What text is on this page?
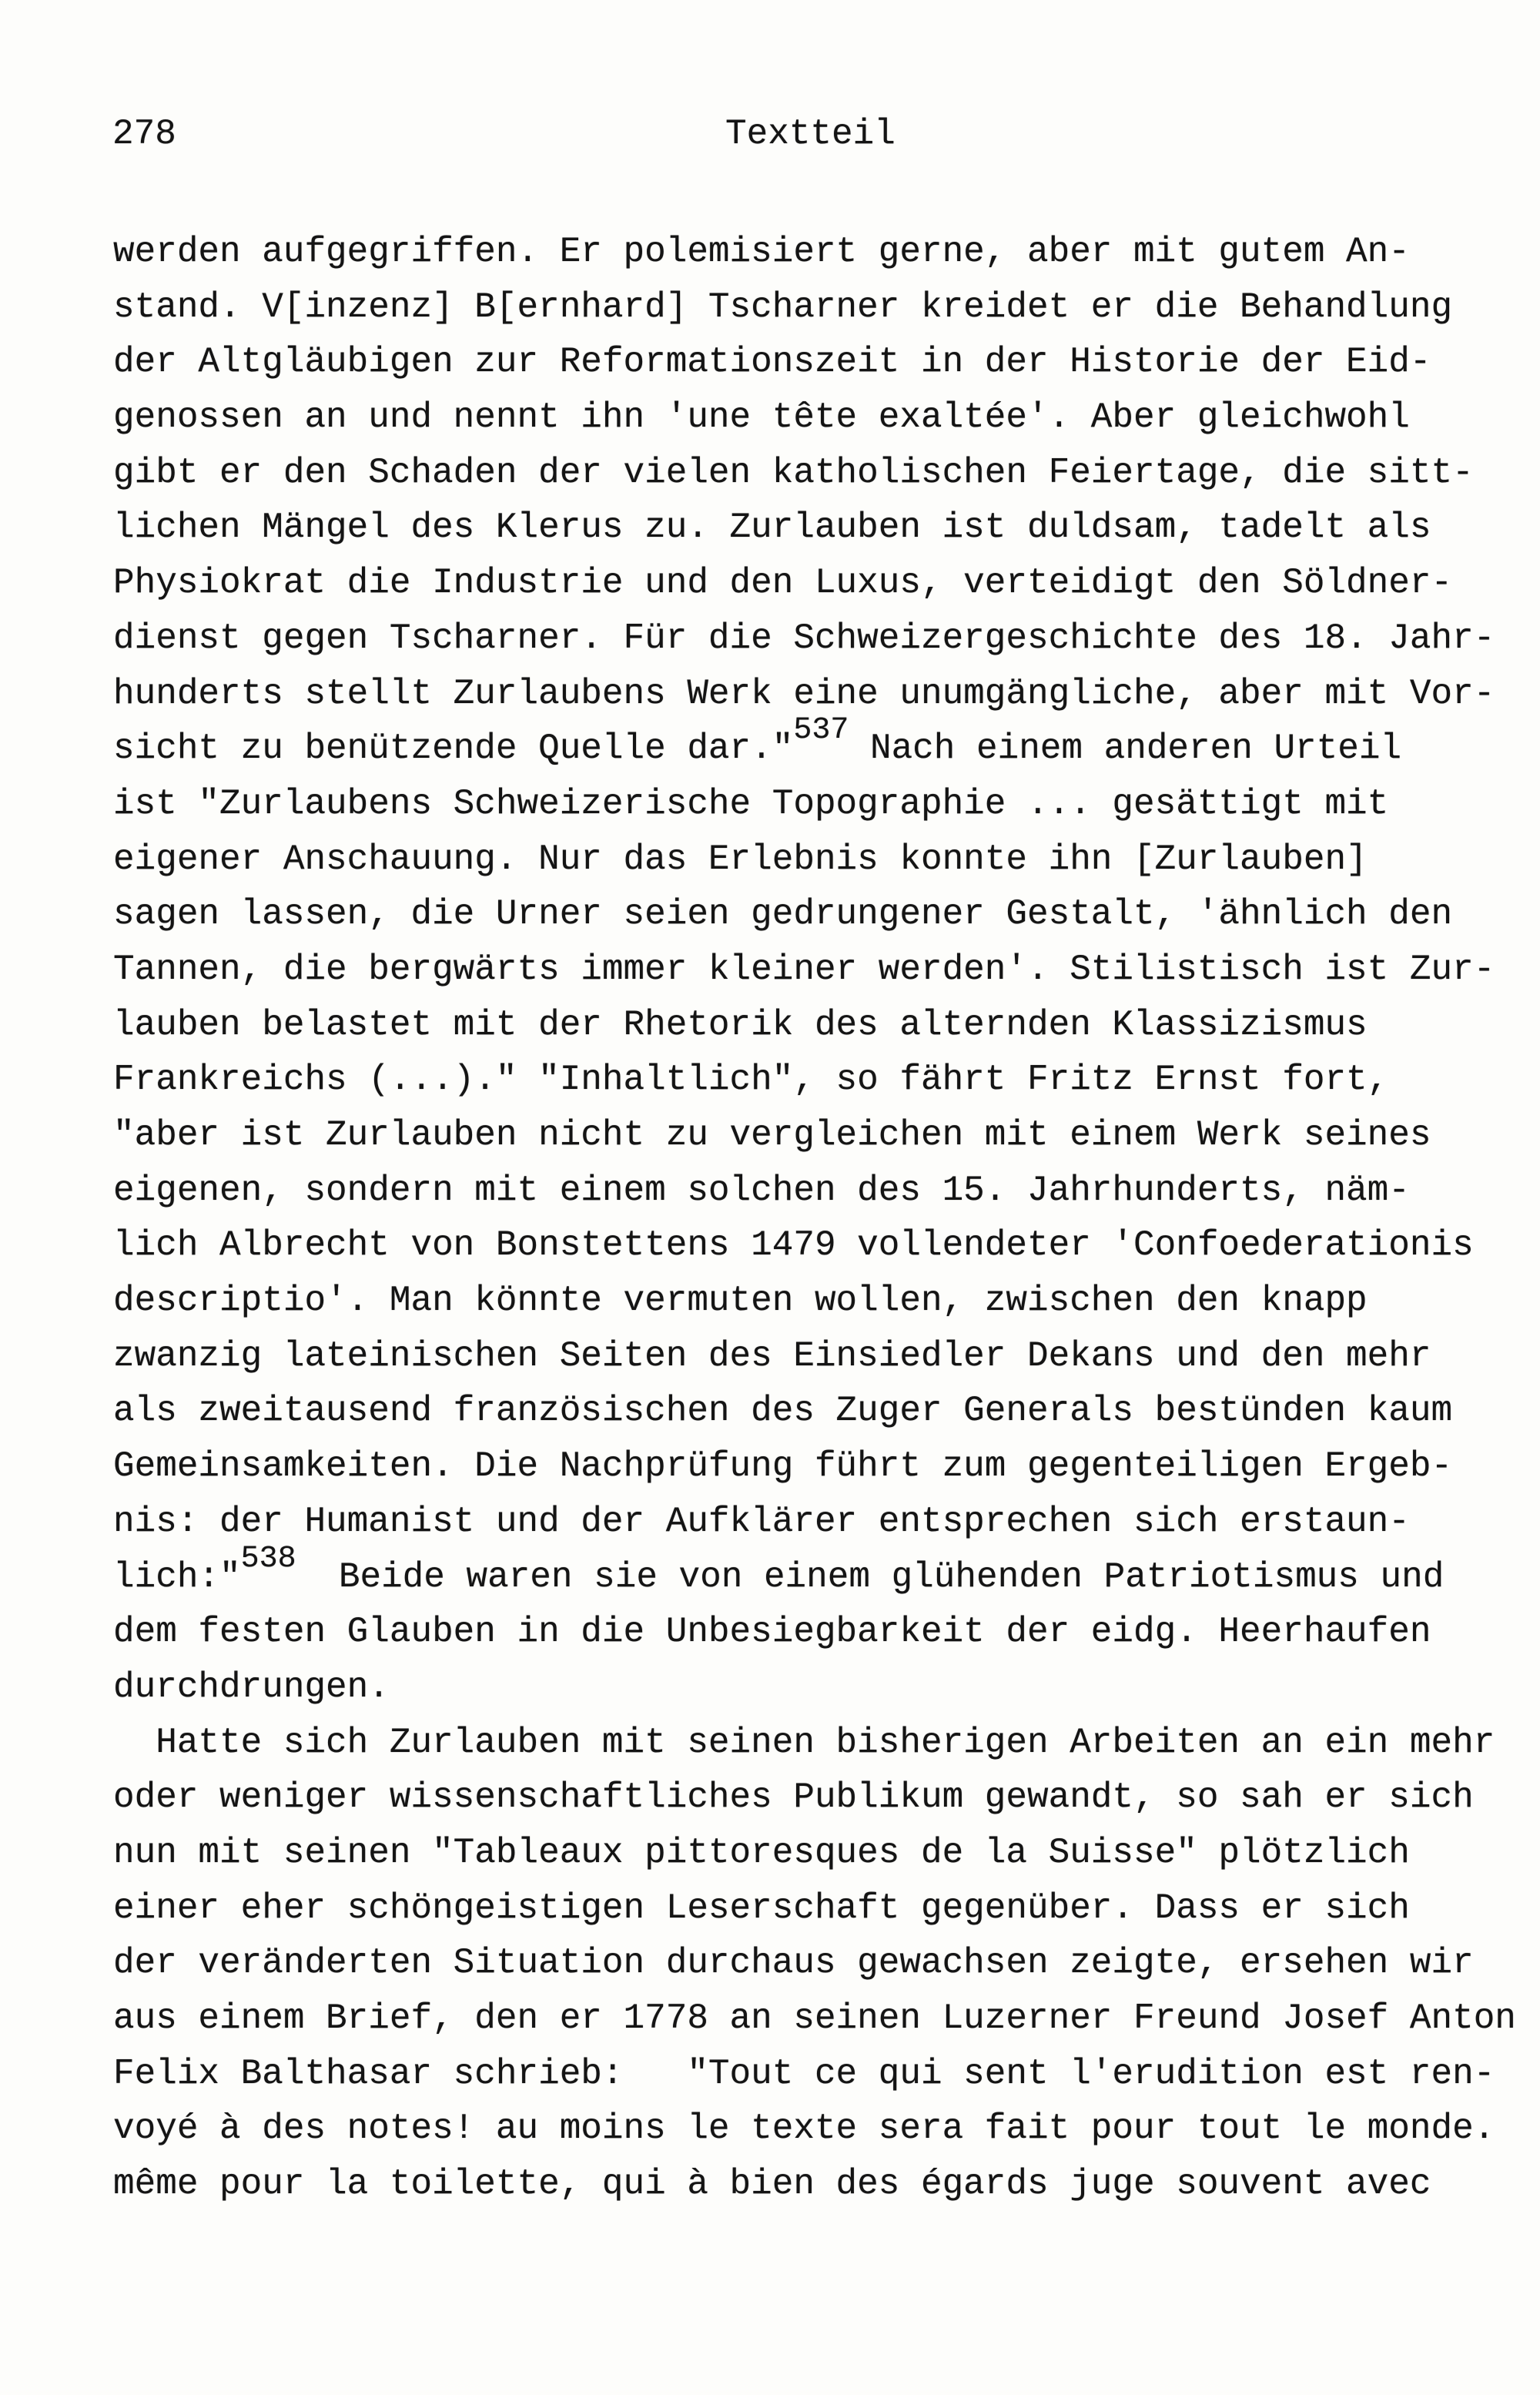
278	Textteil
werden aufgegriffen. Er polemisiert gerne, aber mit gutem An-
stand. V[inzenz] B[ernhard] Tscharner kreidet er die Behandlung
der Altgläubigen zur Reformationszeit in der Historie der Eid-
genossen an und nennt ihn 'une tête exaltée'. Aber gleichwohl
gibt er den Schaden der vielen katholischen Feiertage, die sitt-
lichen Mängel des Klerus zu. Zurlauben ist duldsam, tadelt als
Physiokrat die Industrie und den Luxus, verteidigt den Söldner-
dienst gegen Tscharner. Für die Schweizergeschichte des 18. Jahr-
hunderts stellt Zurlaubens Werk eine unumgängliche, aber mit Vor-
sicht zu benützende Quelle dar."537 Nach einem anderen Urteil
ist "Zurlaubens Schweizerische Topographie ... gesättigt mit
eigener Anschauung. Nur das Erlebnis konnte ihn [Zurlauben]
sagen lassen, die Urner seien gedrungener Gestalt, 'ähnlich den
Tannen, die bergwärts immer kleiner werden'. Stilistisch ist Zur-
lauben belastet mit der Rhetorik des alternden Klassizismus
Frankreichs (...)." "Inhaltlich", so fährt Fritz Ernst fort,
"aber ist Zurlauben nicht zu vergleichen mit einem Werk seines
eigenen, sondern mit einem solchen des 15. Jahrhunderts, näm-
lich Albrecht von Bonstettens 1479 vollendeter 'Confoederationis
descriptio'. Man könnte vermuten wollen, zwischen den knapp
zwanzig lateinischen Seiten des Einsiedler Dekans und den mehr
als zweitausend französischen des Zuger Generals bestünden kaum
Gemeinsamkeiten. Die Nachprüfung führt zum gegenteiligen Ergeb-
nis: der Humanist und der Aufklärer entsprechen sich erstaun-
lich:"538  Beide waren sie von einem glühenden Patriotismus und
dem festen Glauben in die Unbesiegbarkeit der eidg. Heerhaufen
durchdrungen.
Hatte sich Zurlauben mit seinen bisherigen Arbeiten an ein mehr
oder weniger wissenschaftliches Publikum gewandt, so sah er sich
nun mit seinen "Tableaux pittoresques de la Suisse" plötzlich
einer eher schöngeistigen Leserschaft gegenüber. Dass er sich
der veränderten Situation durchaus gewachsen zeigte, ersehen wir
aus einem Brief, den er 1778 an seinen Luzerner Freund Josef Anton
Felix Balthasar schrieb:   "Tout ce qui sent l'erudition est ren-
voyé à des notes! au moins le texte sera fait pour tout le monde.
même pour la toilette, qui à bien des égards juge souvent avec
